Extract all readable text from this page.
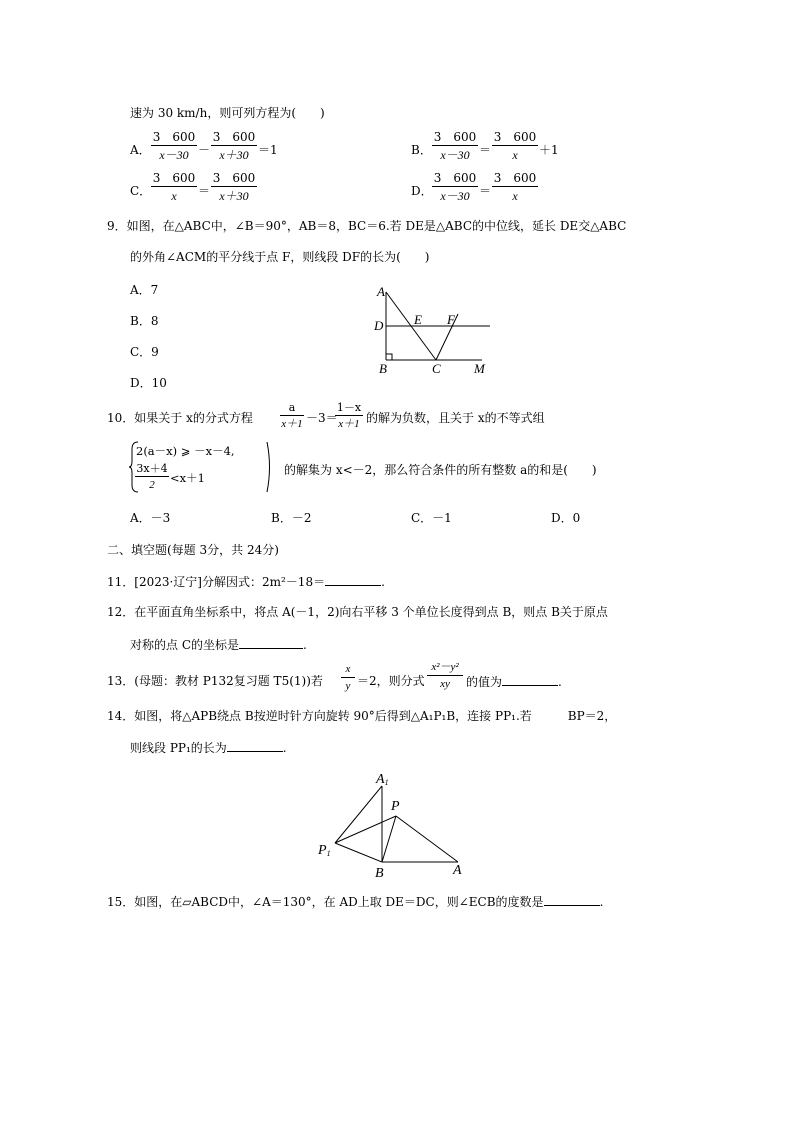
速为 30 km/h，则可列方程为(　　)
A． $\frac{3 600}{x-30} - \frac{3 600}{x+30} =1$	B． $\frac{3 600}{x-30} = \frac{3 600}{x} +1$
C． $\frac{3 600}{x} = \frac{3 600}{x+30}$	D． $\frac{3 600}{x-30} = \frac{3 600}{x}$
9．如图，在△ABC中，∠B＝90°，AB＝8，BC＝6.若 DE是△ABC的中位线，延长 DE交△ABC
的外角∠ACM的平分线于点 F，则线段 DF的长为(　　)
A．7
B．8
C．9
D．10
A
D E F
B	C	M
10．如果关于 x的分式方程 $\frac{a}{x+1} -3=$
$\frac{1-x}{x+1}$ 的解为负数，且关于 x的不等式组
2(a－x) ⩾ －x－4,
$\frac{3x+4}{2} <x+1$
的解集为 x<－2，那么符合条件的所有整数 a的和是(　　)
A．－3	B．－2	C．－1	D．0
二、填空题(每题 3分，共 24分)
11．[2023·辽宁]分解因式：2m²－18＝	.
12．在平面直角坐标系中，将点 A(－1，2)向右平移 3 个单位长度得到点 B，则点 B关于原点
对称的点 C的坐标是	.
13．(母题：教材 P132复习题 T5(1))若 $\frac{x}{y} =2$，则分式 $\frac{\text{x²－y²}}{xy}$ 的值为	.
14．如图，将△APB绕点 B按逆时针方向旋转 90°后得到△A₁P₁B，连接 PP₁.若　　　BP＝2，
则线段 PP₁的长为	.
A1
P
P1
B	A
15．如图，在▱ABCD中，∠A＝130°，在 AD上取 DE＝DC，则∠ECB的度数是	.
